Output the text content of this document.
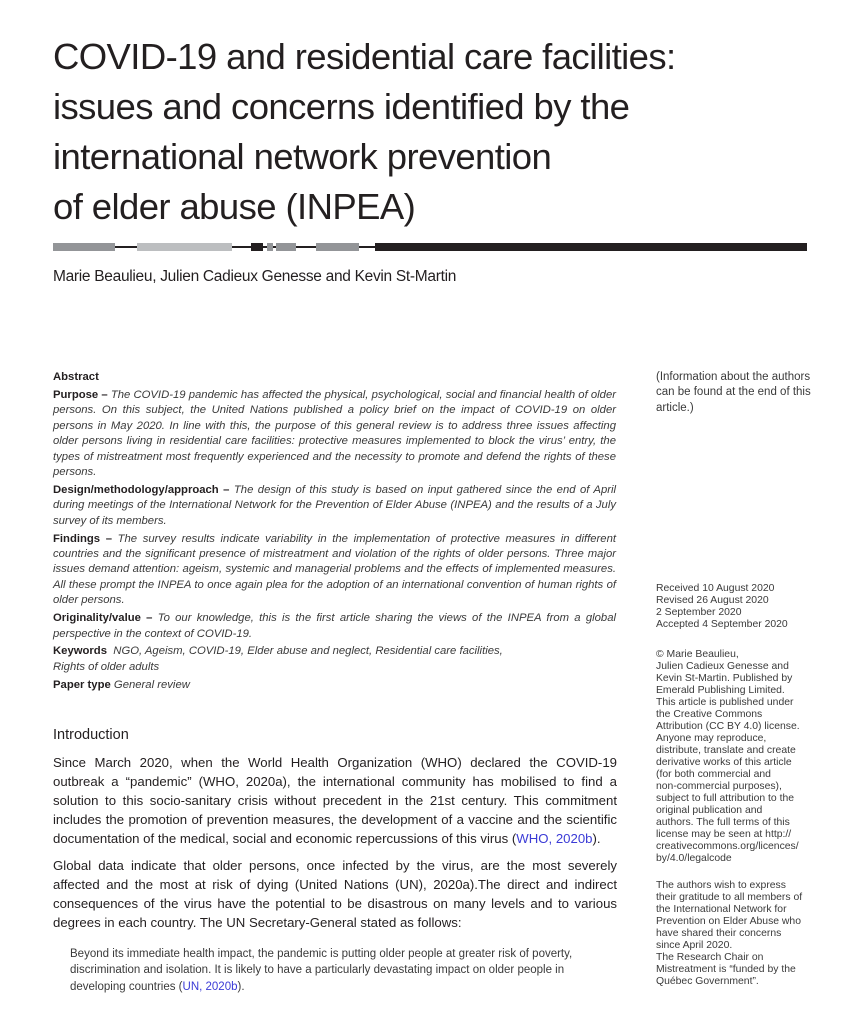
COVID-19 and residential care facilities:
issues and concerns identified by the
international network prevention
of elder abuse (INPEA)
Marie Beaulieu, Julien Cadieux Genesse and Kevin St-Martin

Abstract

Purpose – The COVID-19 pandemic has affected the physical, psychological, social and financial health of older persons. On this subject, the United Nations published a policy brief on the impact of COVID-19 on older persons in May 2020. In line with this, the purpose of this general review is to address three issues affecting older persons living in residential care facilities: protective measures implemented to block the virus’ entry, the types of mistreatment most frequently experienced and the necessity to promote and defend the rights of these persons.

Design/methodology/approach – The design of this study is based on input gathered since the end of April during meetings of the International Network for the Prevention of Elder Abuse (INPEA) and the results of a July survey of its members.

Findings – The survey results indicate variability in the implementation of protective measures in different countries and the significant presence of mistreatment and violation of the rights of older persons. Three major issues demand attention: ageism, systemic and managerial problems and the effects of implemented measures. All these prompt the INPEA to once again plea for the adoption of an international convention of human rights of older persons.

Originality/value – To our knowledge, this is the first article sharing the views of the INPEA from a global perspective in the context of COVID-19.

Keywords NGO, Ageism, COVID-19, Elder abuse and neglect, Residential care facilities,
Rights of older adults

Paper type General review

(Information about the authors can be found at the end of this article.)

Received 10 August 2020

Revised 26 August 2020

2 September 2020

Accepted 4 September 2020

© Marie Beaulieu,

Julien Cadieux Genesse and

Kevin St-Martin. Published by

Emerald Publishing Limited.

This article is published under

the Creative Commons

Attribution (CC BY 4.0) license.

Anyone may reproduce,

distribute, translate and create

derivative works of this article

(for both commercial and

non-commercial purposes),

subject to full attribution to the

original publication and

authors. The full terms of this

license may be seen at http://

creativecommons.org/licences/

by/4.0/legalcode

The authors wish to express

their gratitude to all members of

the International Network for

Prevention on Elder Abuse who

have shared their concerns

since April 2020.

The Research Chair on

Mistreatment is “funded by the

Québec Government”.

Introduction

Since March 2020, when the World Health Organization (WHO) declared the COVID-19 outbreak a “pandemic” (WHO, 2020a), the international community has mobilised to find a solution to this socio-sanitary crisis without precedent in the 21st century. This commitment includes the promotion of prevention measures, the development of a vaccine and the scientific documentation of the medical, social and economic repercussions of this virus (WHO, 2020b).

Global data indicate that older persons, once infected by the virus, are the most severely affected and the most at risk of dying (United Nations (UN), 2020a).The direct and indirect consequences of the virus have the potential to be disastrous on many levels and to various degrees in each country. The UN Secretary-General stated as follows:

Beyond its immediate health impact, the pandemic is putting older people at greater risk of poverty, discrimination and isolation. It is likely to have a particularly devastating impact on older people in developing countries (UN, 2020b).
